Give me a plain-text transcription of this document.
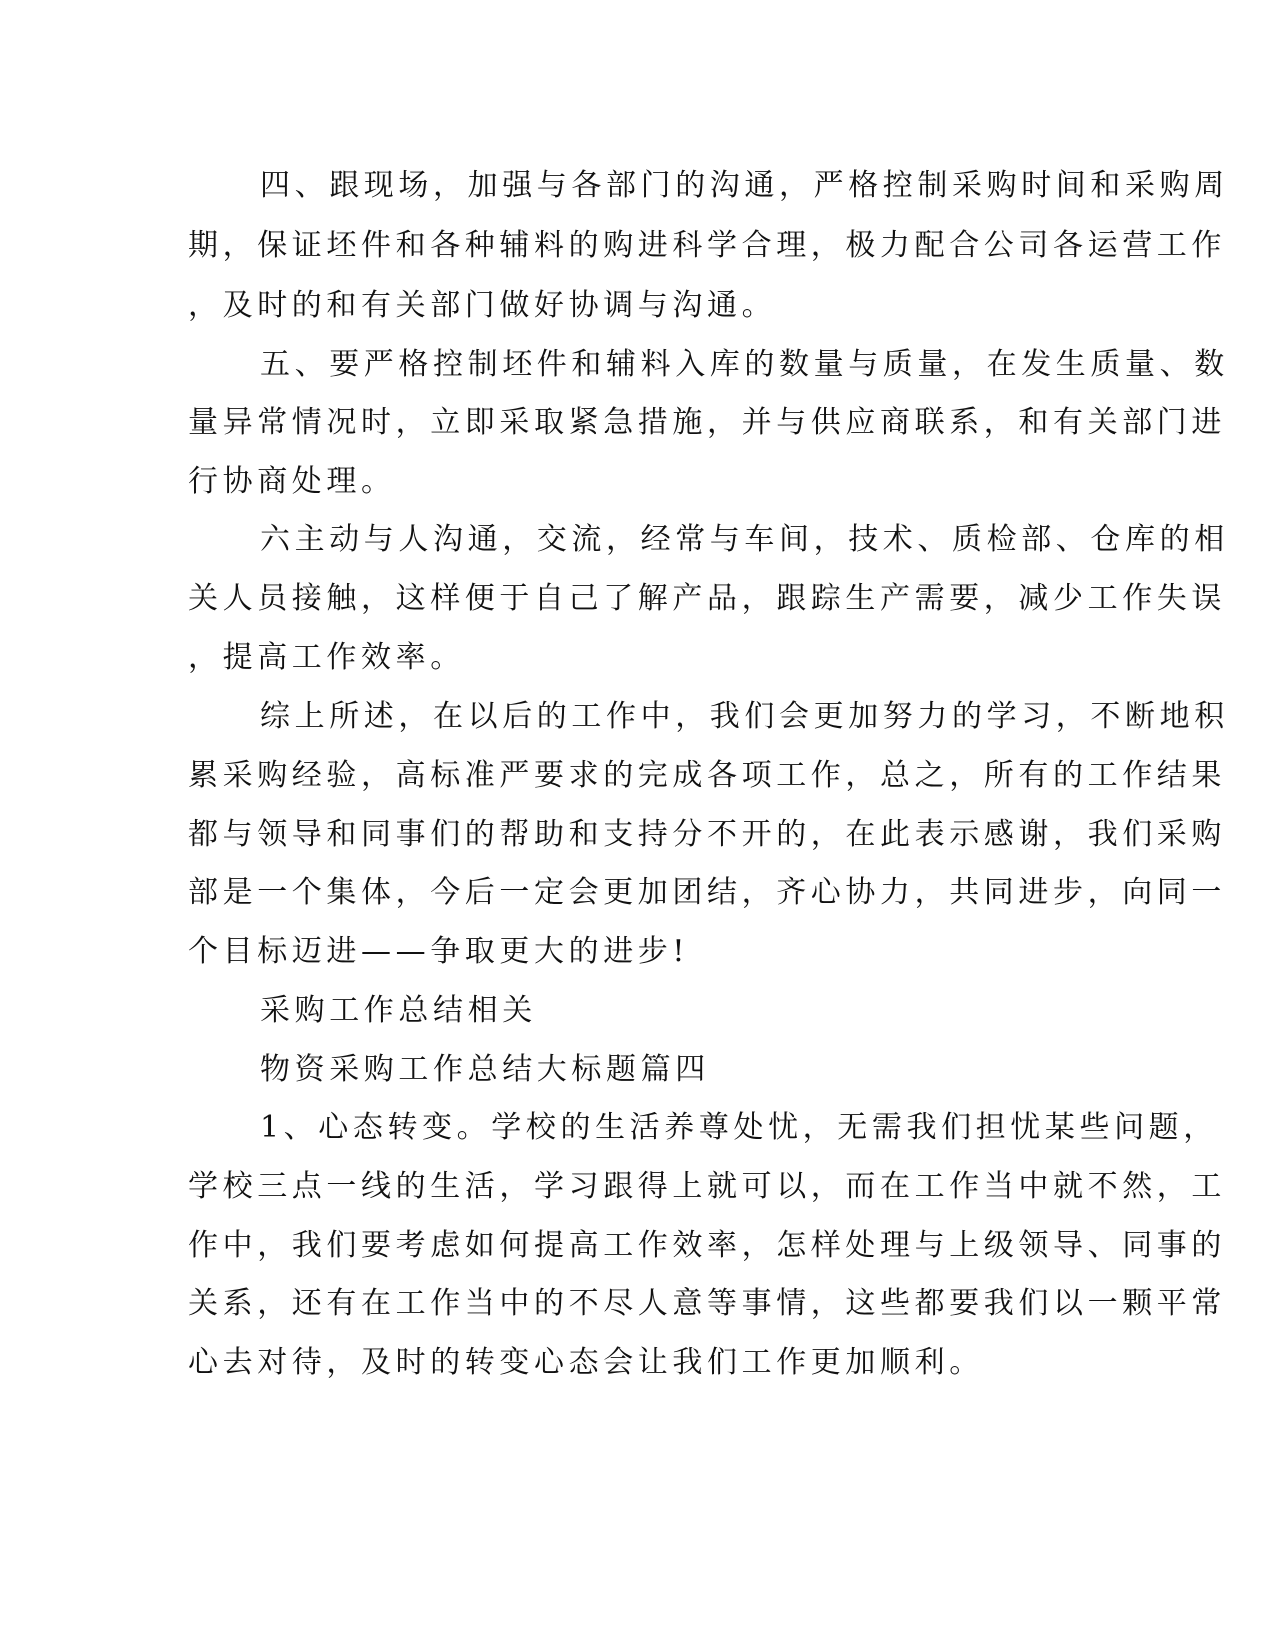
四、跟现场，加强与各部门的沟通，严格控制采购时间和采购周

期，保证坯件和各种辅料的购进科学合理，极力配合公司各运营工作

，及时的和有关部门做好协调与沟通。

五、要严格控制坯件和辅料入库的数量与质量，在发生质量、数

量异常情况时，立即采取紧急措施，并与供应商联系，和有关部门进

行协商处理。

六主动与人沟通，交流，经常与车间，技术、质检部、仓库的相

关人员接触，这样便于自己了解产品，跟踪生产需要，减少工作失误

，提高工作效率。

综上所述，在以后的工作中，我们会更加努力的学习，不断地积

累采购经验，高标准严要求的完成各项工作，总之，所有的工作结果

都与领导和同事们的帮助和支持分不开的，在此表示感谢，我们采购

部是一个集体，今后一定会更加团结，齐心协力，共同进步，向同一

个目标迈进——争取更大的进步!

采购工作总结相关

物资采购工作总结大标题篇四

1、心态转变。学校的生活养尊处忧，无需我们担忧某些问题，

学校三点一线的生活，学习跟得上就可以，而在工作当中就不然，工

作中，我们要考虑如何提高工作效率，怎样处理与上级领导、同事的

关系，还有在工作当中的不尽人意等事情，这些都要我们以一颗平常

心去对待，及时的转变心态会让我们工作更加顺利。
